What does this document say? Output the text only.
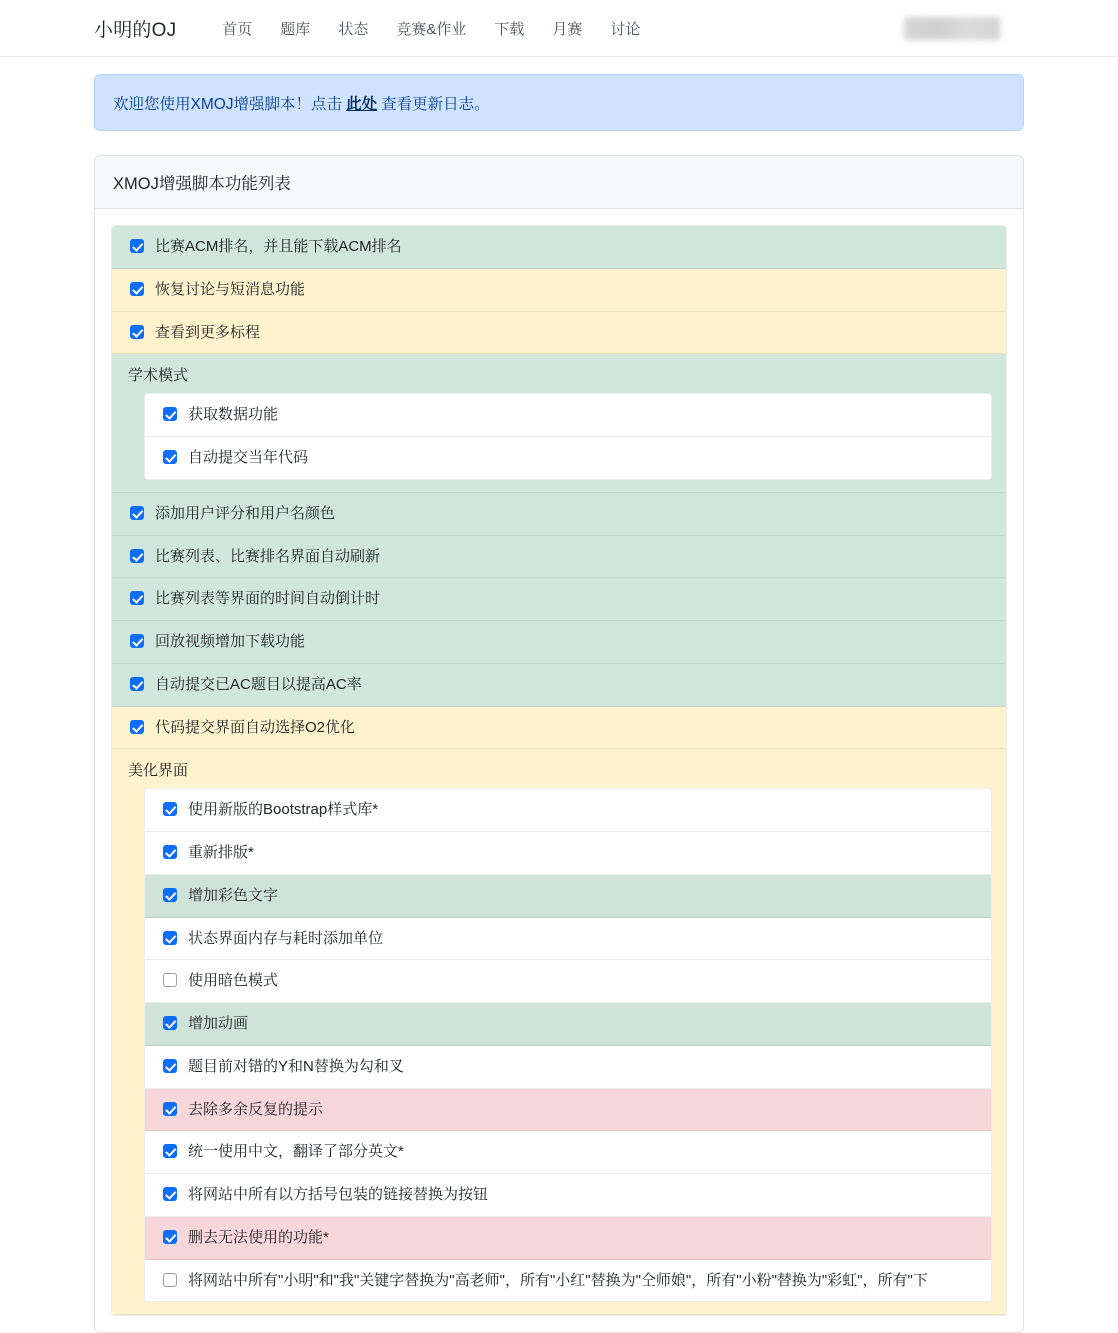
小明的OJ	首页	题库	状态	竞赛&作业	下载	月赛	讨论
欢迎您使用XMOJ增强脚本！点击 此处 查看更新日志。
XMOJ增强脚本功能列表
比赛ACM排名，并且能下载ACM排名
恢复讨论与短消息功能
查看到更多标程
学术模式
获取数据功能
自动提交当年代码
添加用户评分和用户名颜色
比赛列表、比赛排名界面自动刷新
比赛列表等界面的时间自动倒计时
回放视频增加下载功能
自动提交已AC题目以提高AC率
代码提交界面自动选择O2优化
美化界面
使用新版的Bootstrap样式库*
重新排版*
增加彩色文字
状态界面内存与耗时添加单位
使用暗色模式
增加动画
题目前对错的Y和N替换为勾和叉
去除多余反复的提示
统一使用中文，翻译了部分英文*
将网站中所有以方括号包装的链接替换为按钮
删去无法使用的功能*
将网站中所有"小明"和"我"关键字替换为"高老师"，所有"小红"替换为"仝师娘"，所有"小粉"替换为"彩虹"，所有"下
